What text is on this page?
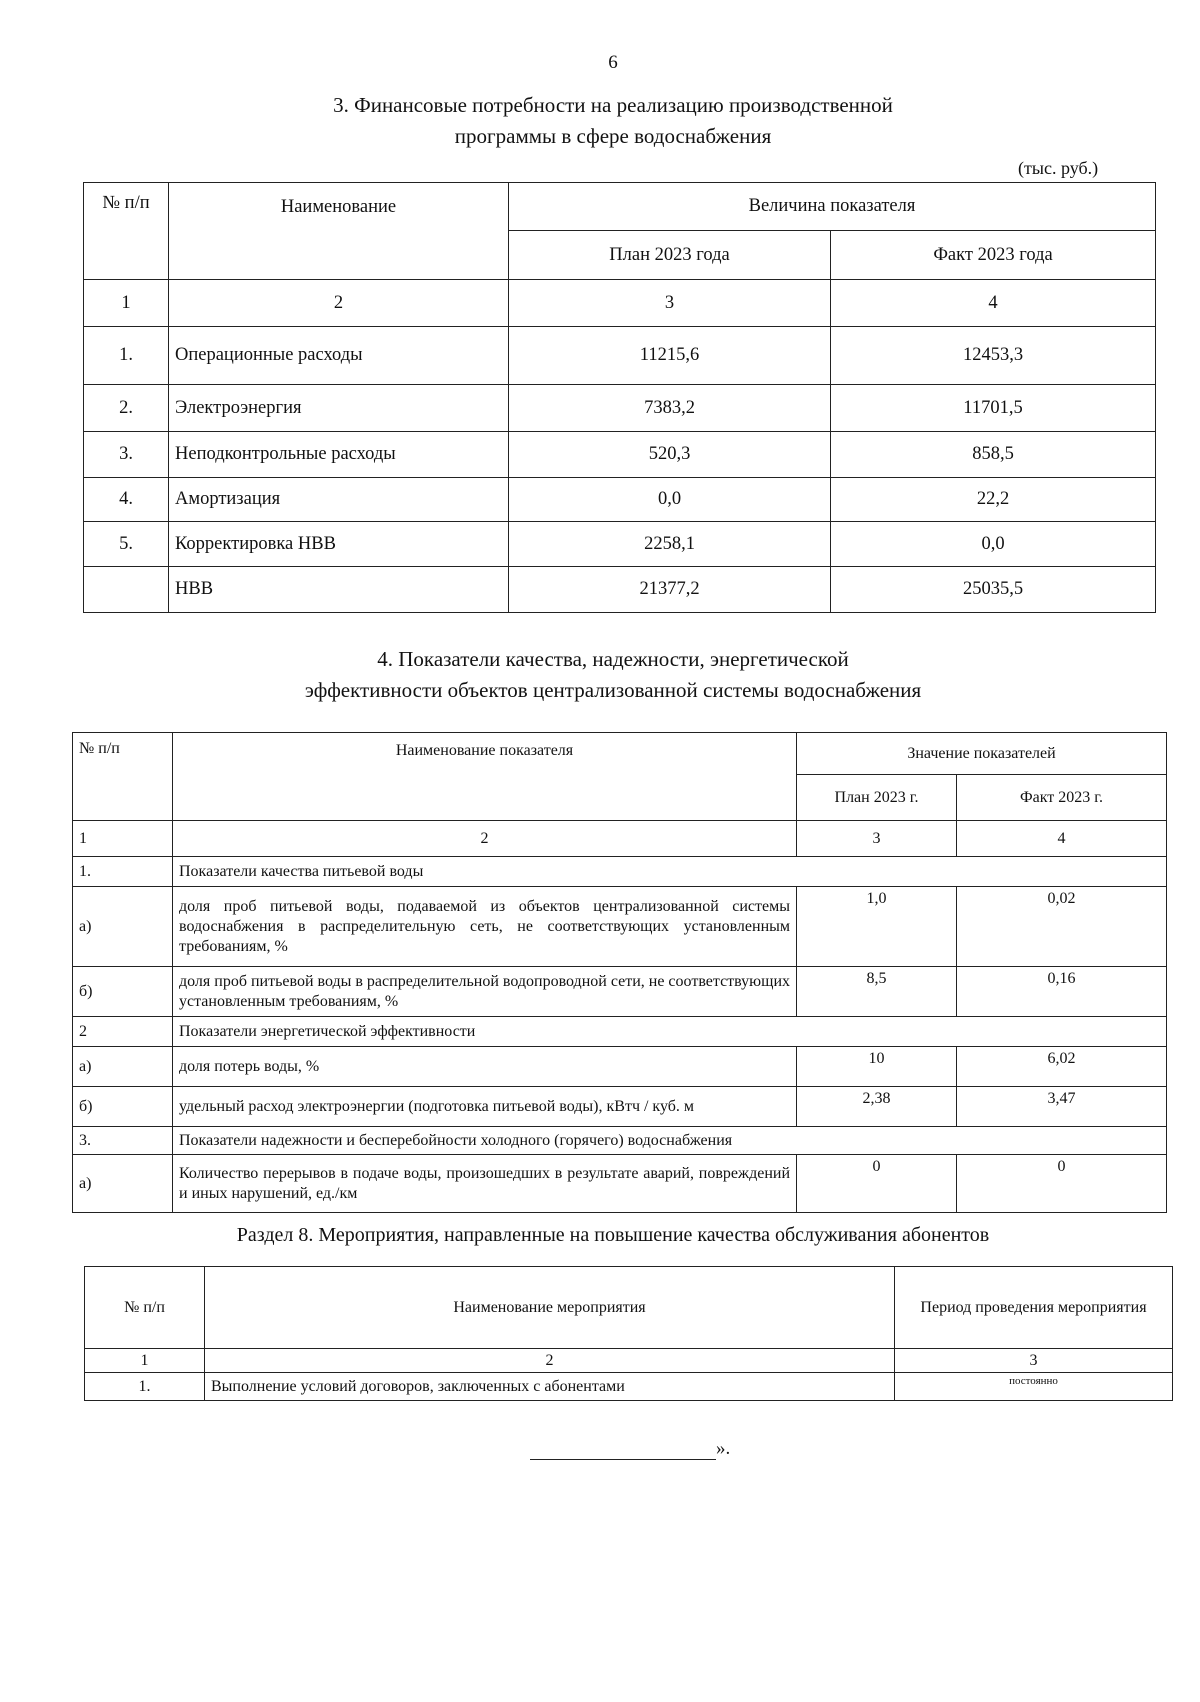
6
3. Финансовые потребности на реализацию производственной
программы в сфере водоснабжения
(тыс. руб.)
№ п/п	Наименование	Величина показателя	
		План 2023 года	Факт 2023 года
1	2	3	4
1.	Операционные расходы	11215,6	12453,3
2.	Электроэнергия	7383,2	11701,5
3.	Неподконтрольные расходы	520,3	858,5
4.	Амортизация	0,0	22,2
5.	Корректировка НВВ	2258,1	0,0
	НВВ	21377,2	25035,5
4. Показатели качества, надежности, энергетической
эффективности объектов централизованной системы водоснабжения
№ п/п	Наименование показателя	Значение показателей	
		План 2023 г.	Факт 2023 г.
1	2	3	4
1.	Показатели качества питьевой воды		
а)	доля проб питьевой воды, подаваемой из объектов централизованной системы водоснабжения в распределительную сеть, не соответствующих установленным требованиям, %	1,0	0,02
б)	доля проб питьевой воды в распределительной водопроводной сети, не соответствующих установленным требованиям, %	8,5	0,16
2	Показатели энергетической эффективности		
а)	доля потерь воды, %	10	6,02
б)	удельный расход электроэнергии (подготовка питьевой воды), кВтч / куб. м	2,38	3,47
3.	Показатели надежности и бесперебойности холодного (горячего) водоснабжения		
а)	Количество перерывов в подаче воды, произошедших в результате аварий, повреждений и иных нарушений, ед./км	0	0
Раздел 8. Мероприятия, направленные на повышение качества обслуживания абонентов
№ п/п	Наименование мероприятия	Период проведения мероприятия
1	2	3
1.	Выполнение условий договоров, заключенных с абонентами	постоянно
».
